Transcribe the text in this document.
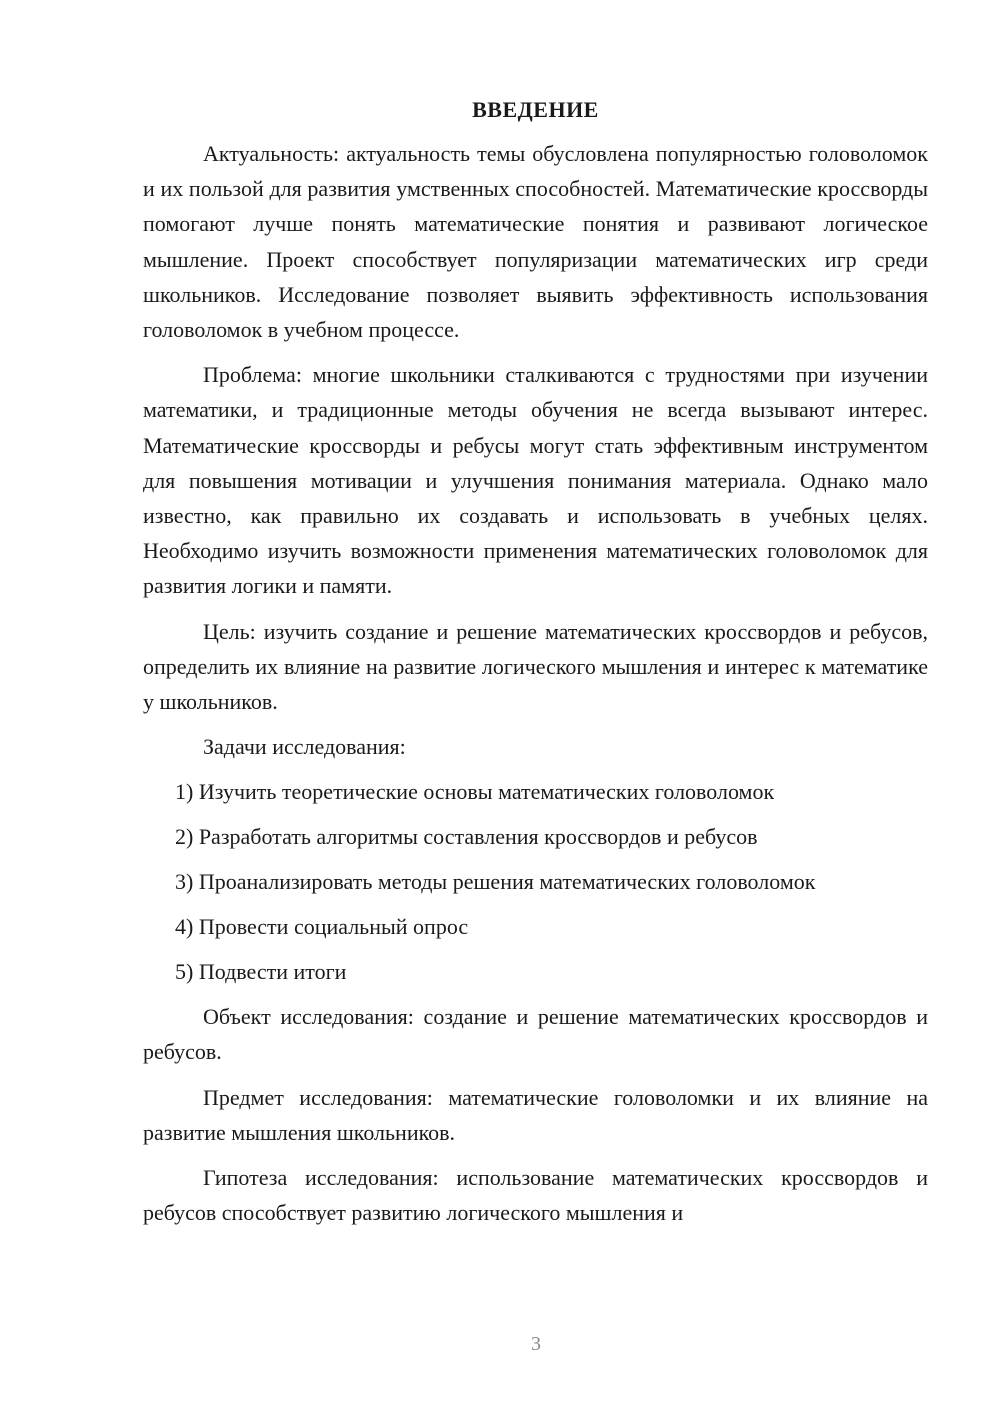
ВВЕДЕНИЕ

Актуальность: актуальность темы обусловлена популярностью головоломок и их пользой для развития умственных способностей. Математические кроссворды помогают лучше понять математические понятия и развивают логическое мышление. Проект способствует популяризации математических игр среди школьников. Исследование позволяет выявить эффективность использования головоломок в учебном процессе.

Проблема: многие школьники сталкиваются с трудностями при изучении математики, и традиционные методы обучения не всегда вызывают интерес. Математические кроссворды и ребусы могут стать эффективным инструментом для повышения мотивации и улучшения понимания материала. Однако мало известно, как правильно их создавать и использовать в учебных целях. Необходимо изучить возможности применения математических головоломок для развития логики и памяти.

Цель: изучить создание и решение математических кроссвордов и ребусов, определить их влияние на развитие логического мышления и интерес к математике у школьников.

Задачи исследования:
1) Изучить теоретические основы математических головоломок
2) Разработать алгоритмы составления кроссвордов и ребусов
3) Проанализировать методы решения математических головоломок
4) Провести социальный опрос
5) Подвести итоги

Объект исследования: создание и решение математических кроссвордов и ребусов.

Предмет исследования: математические головоломки и их влияние на развитие мышления школьников.

Гипотеза исследования: использование математических кроссвордов и ребусов способствует развитию логического мышления и

3
